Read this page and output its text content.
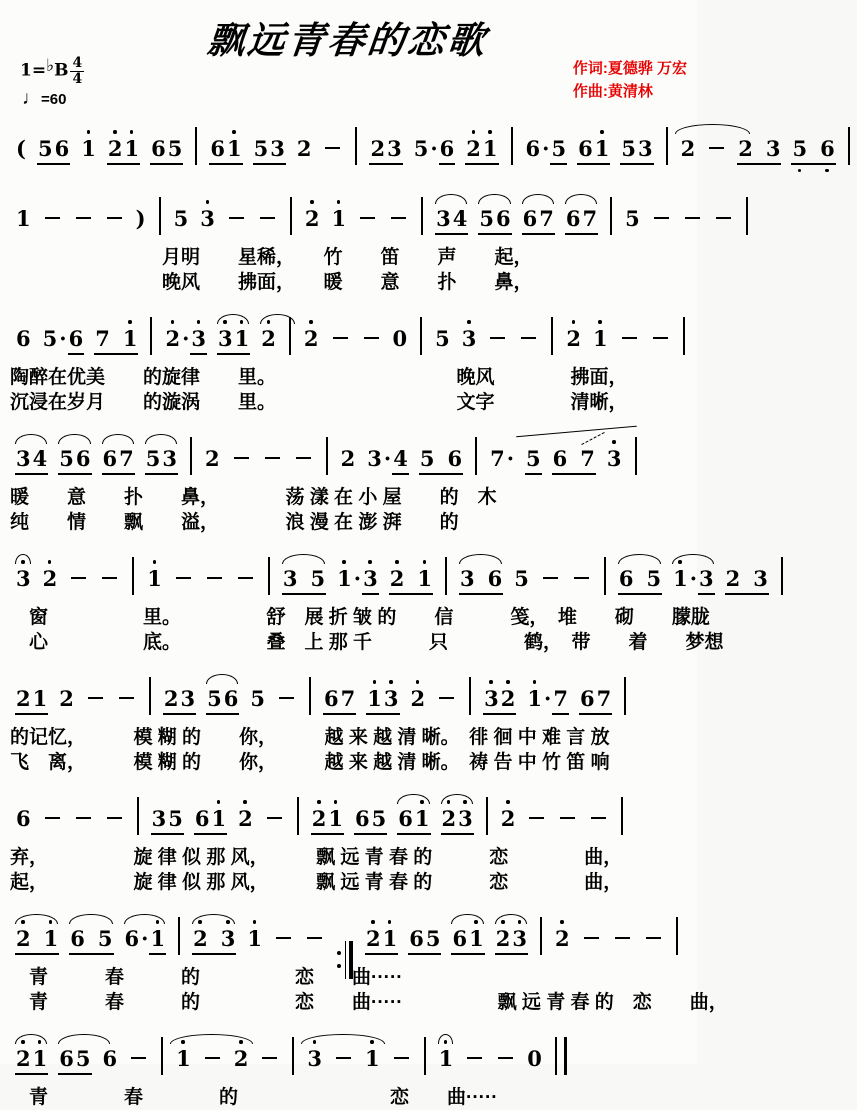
飘远青春的恋歌
1=♭B $\frac{4}{4}$
♩=60
作词:夏德骅 万宏
作曲:黄清林
( 56 1 21 65 61 53 2	23 5·6 21 6·5 61 53 2 2 3 5 6
1	) 5 3	2 1	34 56 67 67 5
　　　　　　　　月明　　星稀，　　竹　　笛　　声　　起，
　　　　　　　　晚风　　拂面，　　暖　　意　　扑　　鼻，
6 5·6 7 1 2·3 31 2 2	0 5 3	2 1
陶醉在优美　　的旋律　　里。　　　　　　　　　　晚风　　　　拂面，
沉浸在岁月　　的漩涡　　里。　　　　　　　　　　文字　　　　清晰，
34 56 67 53 2	2 3·4 5 6 7· 5 6 7 3
暖　　意　　扑　　鼻，　　　　荡 漾 在 小 屋　　的　木
纯　　情　　飘　　溢，　　　　浪 漫 在 澎 湃　　的
3 2	1	3 5 1·3 2 1 3 6 5	6 5 1·3 2 3
　窗　　　　　里。　　　　　舒　展 折 皱 的　　信　　　笺，　堆　　砌　　朦胧
　心　　　　　底。　　　　　叠　上 那 千　　　只　　　　鹤，　带　　着　　梦想
21 2	23 56 5	67 13 2	32 1·7 67
的记忆，　　　模 糊 的　　你，　　　越 来 越 清 晰。　徘 徊 中 难 言 放
飞　离，　　　模 糊 的　　你，　　　越 来 越 清 晰。　祷 告 中 竹 笛 响
6	35 61 2	21 65 61 23 2
弃，　　　　　旋 律 似 那 风，　　　飘 远 青 春 的　　　恋　　　　曲，
起，　　　　　旋 律 似 那 风，　　　飘 远 青 春 的　　　恋　　　　曲，
2 1 6 5 6·1 2 3 1	21 65 61 23 2
　青　　　春　　　的　　　　　恋　　曲·····
　青　　　春　　　的　　　　　恋　　曲·····　　　　　飘 远 青 春 的　恋　　曲，
21 65 6	1 2	3 1	1	0
　青　　　　春　　　　的　　　　　　　　恋　　曲·····
